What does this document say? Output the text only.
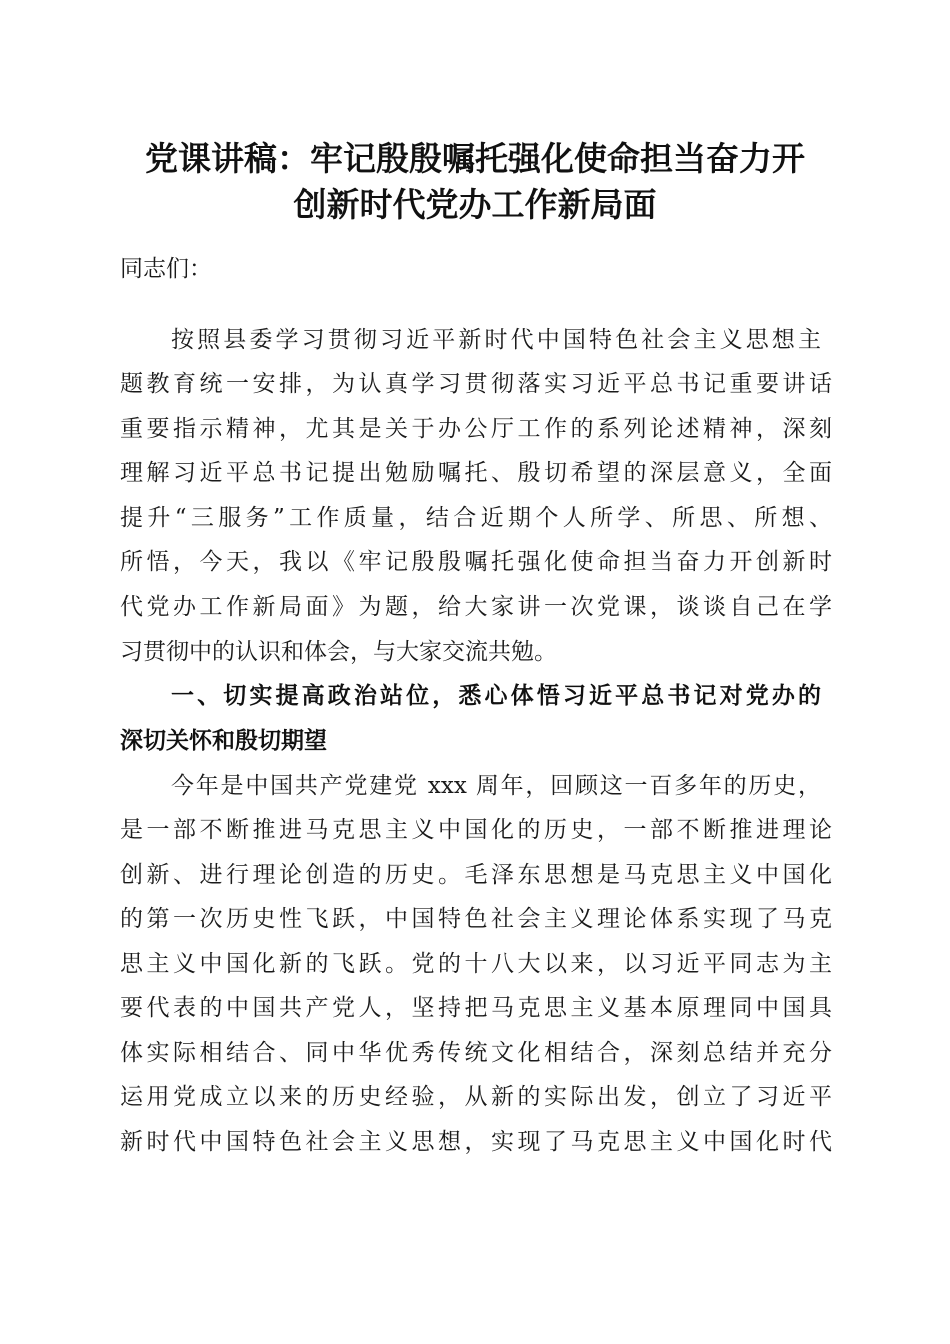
党课讲稿：牢记殷殷嘱托强化使命担当奋力开
创新时代党办工作新局面
同志们：
按照县委学习贯彻习近平新时代中国特色社会主义思想主
题教育统一安排，为认真学习贯彻落实习近平总书记重要讲话
重要指示精神，尤其是关于办公厅工作的系列论述精神，深刻
理解习近平总书记提出勉励嘱托、殷切希望的深层意义，全面
提升“三服务”工作质量，结合近期个人所学、所思、所想、
所悟，今天，我以《牢记殷殷嘱托强化使命担当奋力开创新时
代党办工作新局面》为题，给大家讲一次党课，谈谈自己在学
习贯彻中的认识和体会，与大家交流共勉。
一、切实提高政治站位，悉心体悟习近平总书记对党办的
深切关怀和殷切期望
今年是中国共产党建党 xxx 周年，回顾这一百多年的历史，
是一部不断推进马克思主义中国化的历史，一部不断推进理论
创新、进行理论创造的历史。毛泽东思想是马克思主义中国化
的第一次历史性飞跃，中国特色社会主义理论体系实现了马克
思主义中国化新的飞跃。党的十八大以来，以习近平同志为主
要代表的中国共产党人，坚持把马克思主义基本原理同中国具
体实际相结合、同中华优秀传统文化相结合，深刻总结并充分
运用党成立以来的历史经验，从新的实际出发，创立了习近平
新时代中国特色社会主义思想，实现了马克思主义中国化时代
